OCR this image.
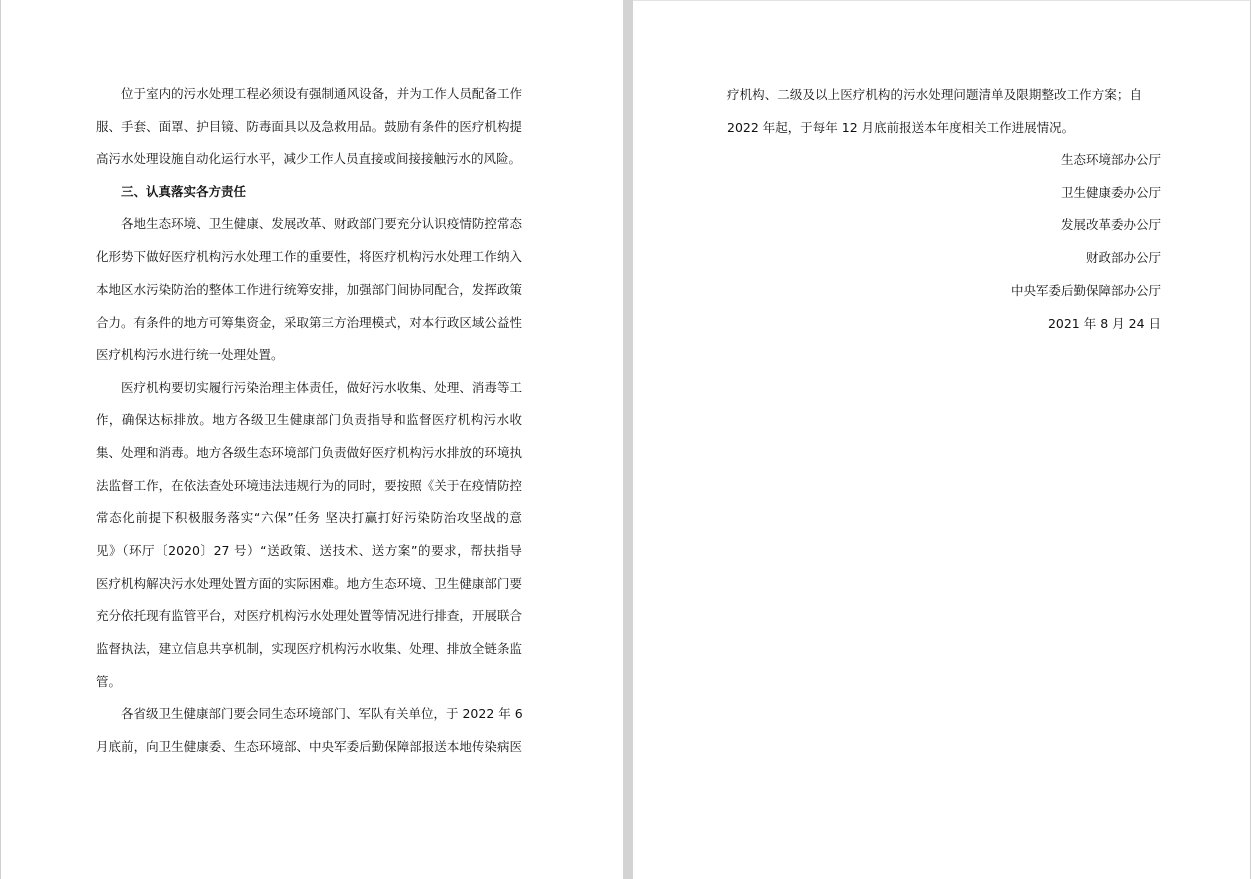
位于室内的污水处理工程必须设有强制通风设备，并为工作人员配备工作
服、手套、面罩、护目镜、防毒面具以及急救用品。鼓励有条件的医疗机构提
高污水处理设施自动化运行水平，减少工作人员直接或间接接触污水的风险。
三、认真落实各方责任
各地生态环境、卫生健康、发展改革、财政部门要充分认识疫情防控常态
化形势下做好医疗机构污水处理工作的重要性，将医疗机构污水处理工作纳入
本地区水污染防治的整体工作进行统筹安排，加强部门间协同配合，发挥政策
合力。有条件的地方可筹集资金，采取第三方治理模式，对本行政区域公益性
医疗机构污水进行统一处理处置。
医疗机构要切实履行污染治理主体责任，做好污水收集、处理、消毒等工
作，确保达标排放。地方各级卫生健康部门负责指导和监督医疗机构污水收
集、处理和消毒。地方各级生态环境部门负责做好医疗机构污水排放的环境执
法监督工作，在依法查处环境违法违规行为的同时，要按照《关于在疫情防控
常态化前提下积极服务落实“六保”任务 坚决打赢打好污染防治攻坚战的意
见》（环厅〔2020〕27 号）“送政策、送技术、送方案”的要求，帮扶指导
医疗机构解决污水处理处置方面的实际困难。地方生态环境、卫生健康部门要
充分依托现有监管平台，对医疗机构污水处理处置等情况进行排查，开展联合
监督执法，建立信息共享机制，实现医疗机构污水收集、处理、排放全链条监
管。
各省级卫生健康部门要会同生态环境部门、军队有关单位，于 2022 年 6
月底前，向卫生健康委、生态环境部、中央军委后勤保障部报送本地传染病医
疗机构、二级及以上医疗机构的污水处理问题清单及限期整改工作方案；自
2022 年起，于每年 12 月底前报送本年度相关工作进展情况。
生态环境部办公厅
卫生健康委办公厅
发展改革委办公厅
财政部办公厅
中央军委后勤保障部办公厅
2021 年 8 月 24 日
